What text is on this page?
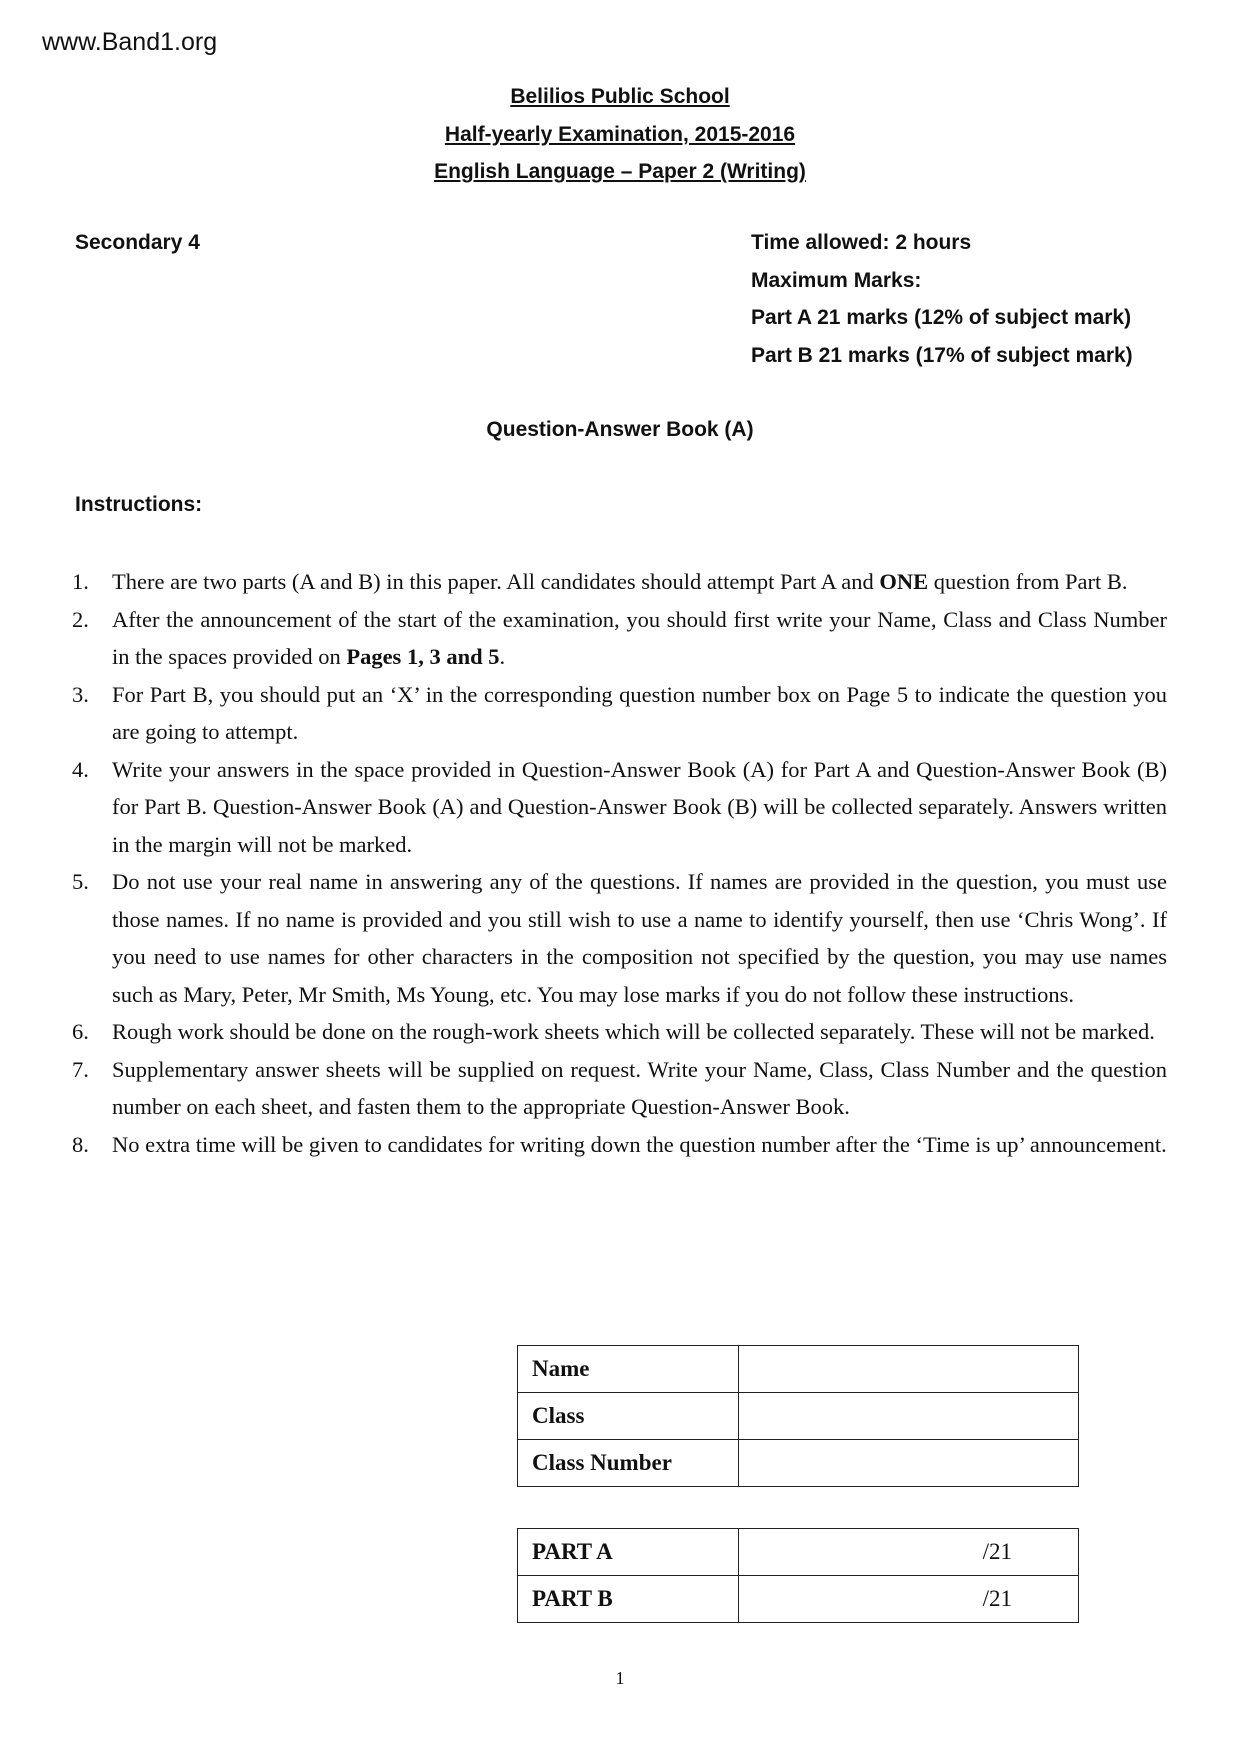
www.Band1.org
Belilios Public School
Half-yearly Examination, 2015-2016
English Language – Paper 2 (Writing)
Secondary 4	Time allowed: 2 hours
Maximum Marks:
Part A 21 marks (12% of subject mark)
Part B 21 marks (17% of subject mark)
Question-Answer Book (A)
Instructions:
1.	There are two parts (A and B) in this paper. All candidates should attempt Part A and ONE question from Part B.
2.	After the announcement of the start of the examination, you should first write your Name, Class and Class Number in the spaces provided on Pages 1, 3 and 5.
3.	For Part B, you should put an ‘X’ in the corresponding question number box on Page 5 to indicate the question you are going to attempt.
4.	Write your answers in the space provided in Question-Answer Book (A) for Part A and Question-Answer Book (B) for Part B. Question-Answer Book (A) and Question-Answer Book (B) will be collected separately. Answers written in the margin will not be marked.
5.	Do not use your real name in answering any of the questions. If names are provided in the question, you must use those names. If no name is provided and you still wish to use a name to identify yourself, then use ‘Chris Wong’. If you need to use names for other characters in the composition not specified by the question, you may use names such as Mary, Peter, Mr Smith, Ms Young, etc. You may lose marks if you do not follow these instructions.
6.	Rough work should be done on the rough-work sheets which will be collected separately. These will not be marked.
7.	Supplementary answer sheets will be supplied on request. Write your Name, Class, Class Number and the question number on each sheet, and fasten them to the appropriate Question-Answer Book.
8.	No extra time will be given to candidates for writing down the question number after the ‘Time is up’ announcement.
Name	
Class	
Class Number	
PART A	/21
PART B	/21
1
